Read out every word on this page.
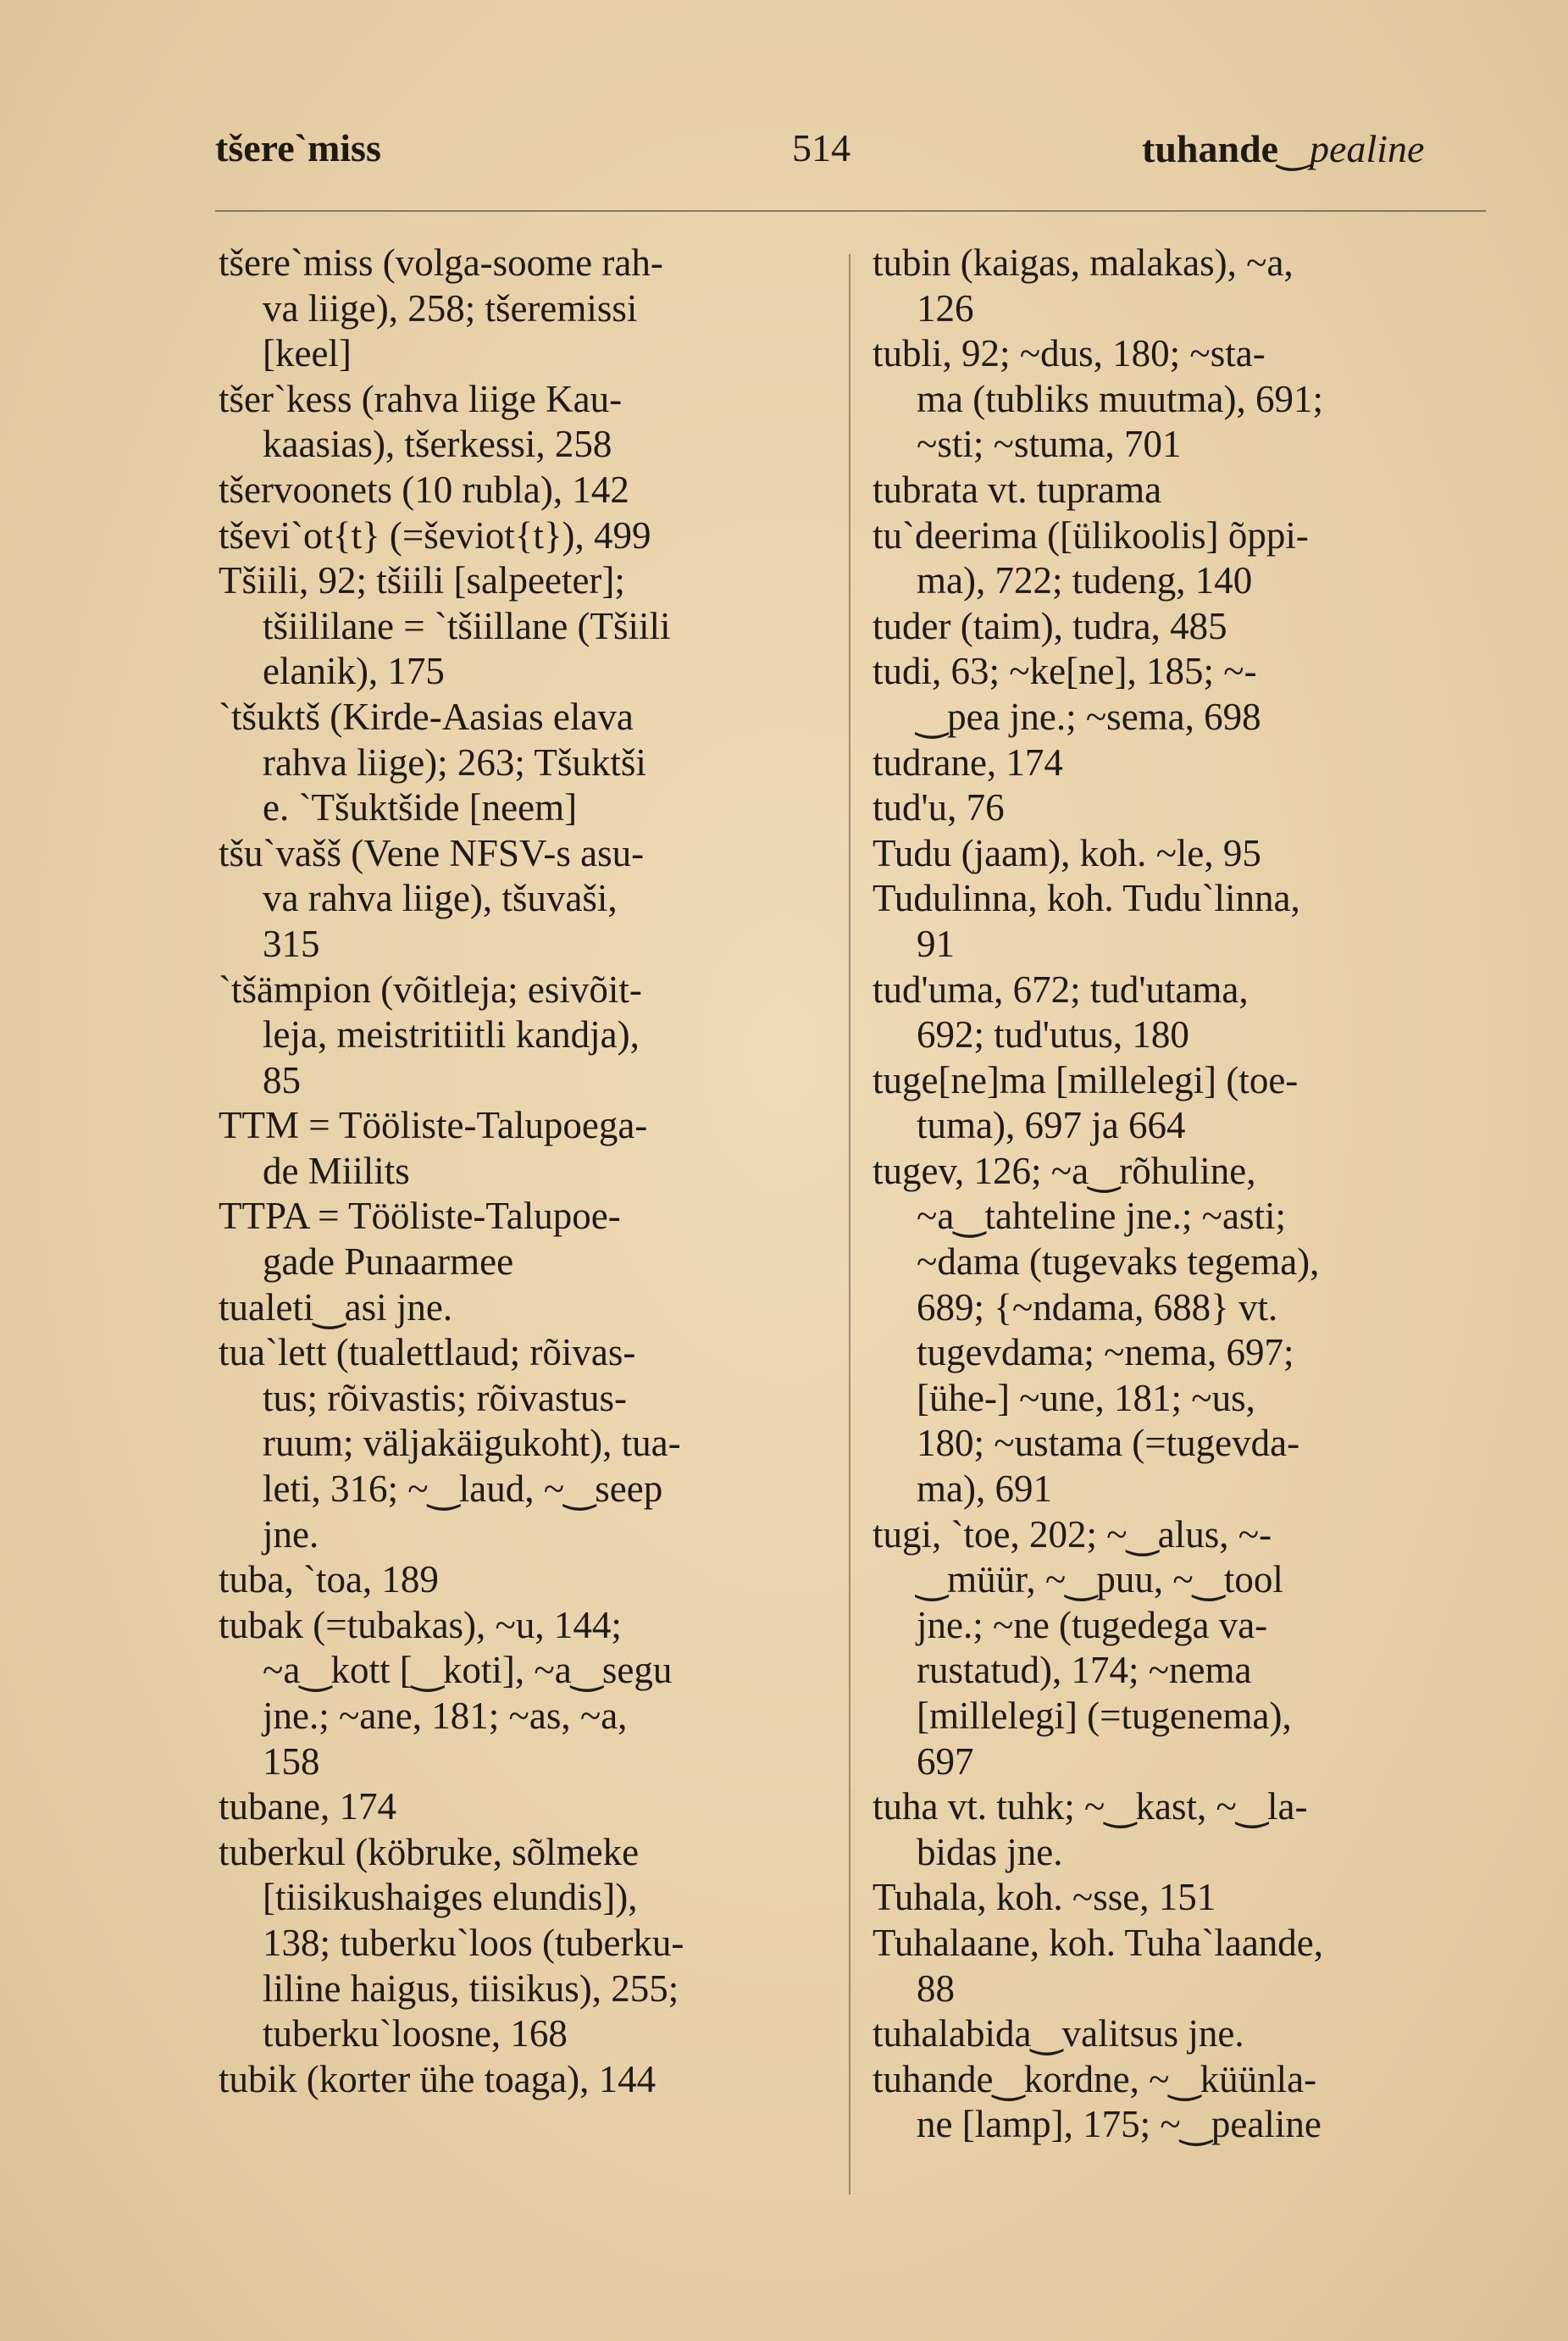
tšere`miss	514	tuhande‿pealine
tšere`miss (volga-soome rah-
va liige), 258; tšeremissi
[keel]
tšer`kess (rahva liige Kau-
kaasias), tšerkessi, 258
tšervoonets (10 rubla), 142
tševi`ot{t} (=ševiot{t}), 499
Tšiili, 92; tšiili [salpeeter];
tšiililane = `tšiillane (Tšiili
elanik), 175
`tšuktš (Kirde-Aasias elava
rahva liige); 263; Tšuktši
e. `Tšuktšide [neem]
tšu`vašš (Vene NFSV-s asu-
va rahva liige), tšuvaši,
315
`tšämpion (võitleja; esivõit-
leja, meistritiitli kandja),
85
TTM = Tööliste-Talupoega-
de Miilits
TTPA = Tööliste-Talupoe-
gade Punaarmee
tualeti‿asi jne.
tua`lett (tualettlaud; rõivas-
tus; rõivastis; rõivastus-
ruum; väljakäigukoht), tua-
leti, 316; ~‿laud, ~‿seep
jne.
tuba, `toa, 189
tubak (=tubakas), ~u, 144;
~a‿kott [‿koti], ~a‿segu
jne.; ~ane, 181; ~as, ~a,
158
tubane, 174
tuberkul (köbruke, sõlmeke
[tiisikushaiges elundis]),
138; tuberku`loos (tuberku-
liline haigus, tiisikus), 255;
tuberku`loosne, 168
tubik (korter ühe toaga), 144
tubin (kaigas, malakas), ~a,
126
tubli, 92; ~dus, 180; ~sta-
ma (tubliks muutma), 691;
~sti; ~stuma, 701
tubrata vt. tuprama
tu`deerima ([ülikoolis] õppi-
ma), 722; tudeng, 140
tuder (taim), tudra, 485
tudi, 63; ~ke[ne], 185; ~-
‿pea jne.; ~sema, 698
tudrane, 174
tud'u, 76
Tudu (jaam), koh. ~le, 95
Tudulinna, koh. Tudu`linna,
91
tud'uma, 672; tud'utama,
692; tud'utus, 180
tuge[ne]ma [millelegi] (toe-
tuma), 697 ja 664
tugev, 126; ~a‿rõhuline,
~a‿tahteline jne.; ~asti;
~dama (tugevaks tegema),
689; {~ndama, 688} vt.
tugevdama; ~nema, 697;
[ühe-] ~une, 181; ~us,
180; ~ustama (=tugevda-
ma), 691
tugi, `toe, 202; ~‿alus, ~-
‿müür, ~‿puu, ~‿tool
jne.; ~ne (tugedega va-
rustatud), 174; ~nema
[millelegi] (=tugenema),
697
tuha vt. tuhk; ~‿kast, ~‿la-
bidas jne.
Tuhala, koh. ~sse, 151
Tuhalaane, koh. Tuha`laande,
88
tuhalabida‿valitsus jne.
tuhande‿kordne, ~‿küünla-
ne [lamp], 175; ~‿pealine
